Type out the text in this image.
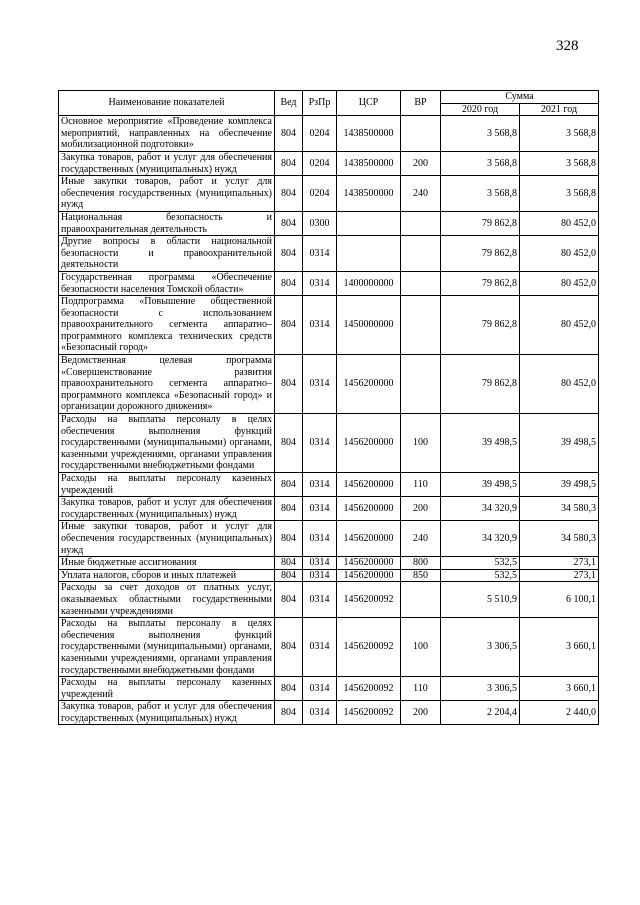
328
Наименование показателей	Вед	РзПр	ЦСР	ВР	Сумма	
					2020 год	2021 год
Основное мероприятие «Проведение комплекса мероприятий, направленных на обеспечение мобилизационной подготовки»	804	0204	1438500000		3 568,8	3 568,8
Закупка товаров, работ и услуг для обеспечения государственных (муниципальных) нужд	804	0204	1438500000	200	3 568,8	3 568,8
Иные закупки товаров, работ и услуг для обеспечения государственных (муниципальных) нужд	804	0204	1438500000	240	3 568,8	3 568,8
Национальная безопасность и правоохранительная деятельность	804	0300			79 862,8	80 452,0
Другие вопросы в области национальной безопасности и правоохранительной деятельности	804	0314			79 862,8	80 452,0
Государственная программа «Обеспечение безопасности населения Томской области»	804	0314	1400000000		79 862,8	80 452,0
Подпрограмма «Повышение общественной безопасности с использованием правоохранительного сегмента аппаратно–программного комплекса технических средств «Безопасный город»	804	0314	1450000000		79 862,8	80 452,0
Ведомственная целевая программа «Совершенствование развития правоохранительного сегмента аппаратно–программного комплекса «Безопасный город» и организации дорожного движения»	804	0314	1456200000		79 862,8	80 452,0
Расходы на выплаты персоналу в целях обеспечения выполнения функций государственными (муниципальными) органами, казенными учреждениями, органами управления государственными внебюджетными фондами	804	0314	1456200000	100	39 498,5	39 498,5
Расходы на выплаты персоналу казенных учреждений	804	0314	1456200000	110	39 498,5	39 498,5
Закупка товаров, работ и услуг для обеспечения государственных (муниципальных) нужд	804	0314	1456200000	200	34 320,9	34 580,3
Иные закупки товаров, работ и услуг для обеспечения государственных (муниципальных) нужд	804	0314	1456200000	240	34 320,9	34 580,3
Иные бюджетные ассигнования	804	0314	1456200000	800	532,5	273,1
Уплата налогов, сборов и иных платежей	804	0314	1456200000	850	532,5	273,1
Расходы за счет доходов от платных услуг, оказываемых областными государственными казенными учреждениями	804	0314	1456200092		5 510,9	6 100,1
Расходы на выплаты персоналу в целях обеспечения выполнения функций государственными (муниципальными) органами, казенными учреждениями, органами управления государственными внебюджетными фондами	804	0314	1456200092	100	3 306,5	3 660,1
Расходы на выплаты персоналу казенных учреждений	804	0314	1456200092	110	3 306,5	3 660,1
Закупка товаров, работ и услуг для обеспечения государственных (муниципальных) нужд	804	0314	1456200092	200	2 204,4	2 440,0
